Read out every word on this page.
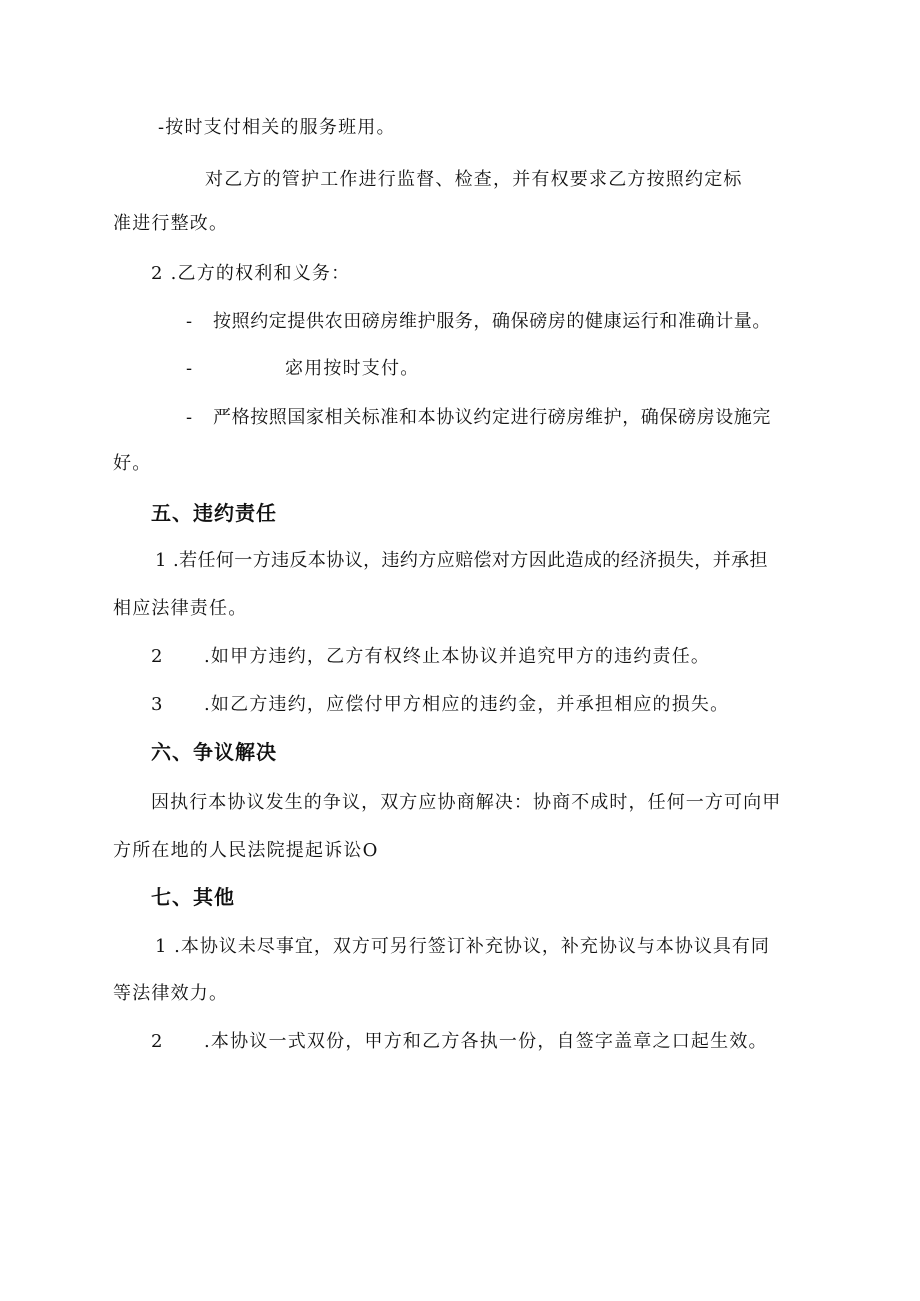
-按时支付相关的服务班用。
对乙方的管护工作进行监督、检查，并有权要求乙方按照约定标
准进行整改。
2 .乙方的权利和义务：
- 按照约定提供农田磅房维护服务，确保磅房的健康运行和准确计量。
-	宓用按时支付。
- 严格按照国家相关标准和本协议约定进行磅房维护，确保磅房设施完
好。
五、违约责任
1 .若任何一方违反本协议，违约方应赔偿对方因此造成的经济损失，并承担
相应法律责任。
2 .如甲方违约，乙方有权终止本协议并追究甲方的违约责任。
3 .如乙方违约，应偿付甲方相应的违约金，并承担相应的损失。
六、争议解决
因执行本协议发生的争议，双方应协商解决：协商不成时，任何一方可向甲
方所在地的人民法院提起诉讼O
七、其他
1 .本协议未尽事宜，双方可另行签订补充协议，补充协议与本协议具有同
等法律效力。
2 .本协议一式双份，甲方和乙方各执一份，自签字盖章之口起生效。
